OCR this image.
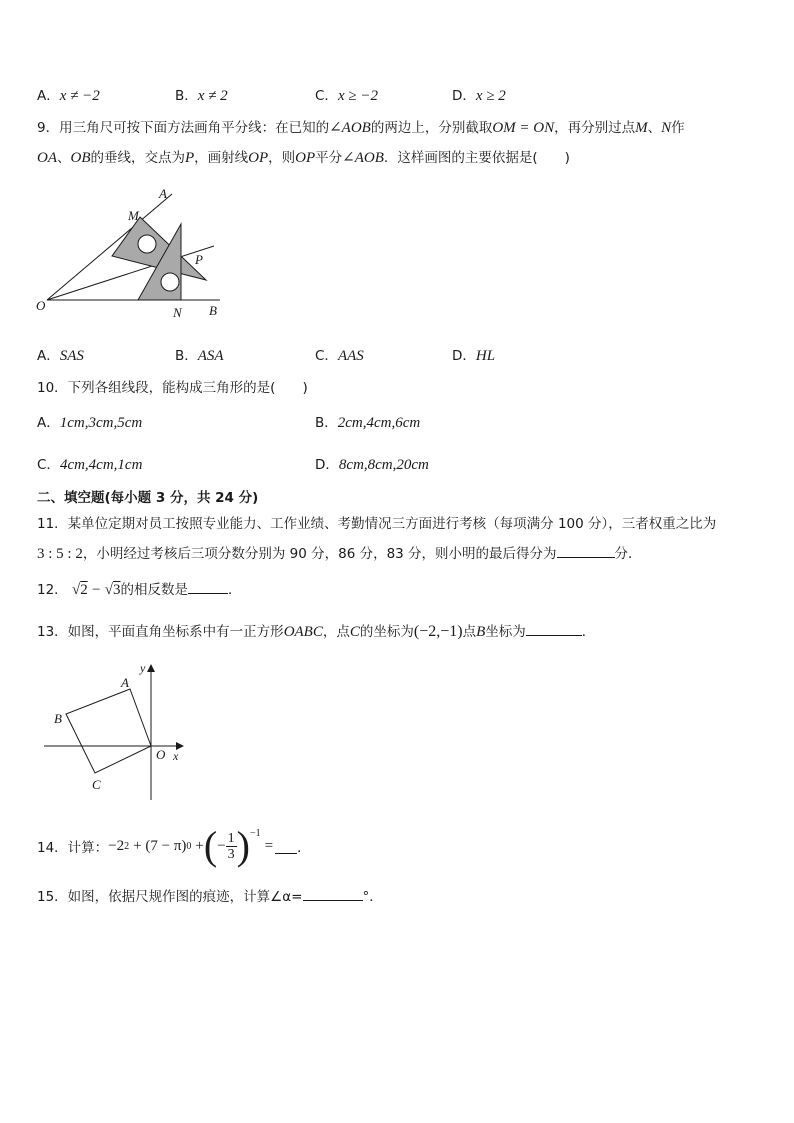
A．x ≠ −2	B．x ≠ 2	C．x ≥ −2	D．x ≥ 2
9．用三角尺可按下面方法画角平分线：在已知的∠AOB的两边上，分别截取OM = ON，再分别过点M、N作
OA、OB的垂线，交点为P，画射线OP，则OP平分∠AOB．这样画图的主要依据是(　　)
A
M
P
O	N B
A．SAS	B．ASA	C．AAS	D．HL
10．下列各组线段，能构成三角形的是(　　)
A．1cm,3cm,5cm	B．2cm,4cm,6cm
C．4cm,4cm,1cm	D．8cm,8cm,20cm
二、填空题(每小题 3 分，共 24 分)
11．某单位定期对员工按照专业能力、工作业绩、考勤情况三方面进行考核（每项满分 100 分），三者权重之比为
3 : 5 : 2，小明经过考核后三项分数分别为 90 分，86 分，83 分，则小明的最后得分为	分．
12． √2 − √3的相反数是	．
13．如图，平面直角坐标系中有一正方形OABC，点C的坐标为(−2,−1)点B坐标为	．
y
A
B
O x
C
14．计算： −2 2 + (7 − π) 0 + ( − $\frac{1}{3} )^{-1}$
= ．
15．如图，依据尺规作图的痕迹，计算∠α=	°．
